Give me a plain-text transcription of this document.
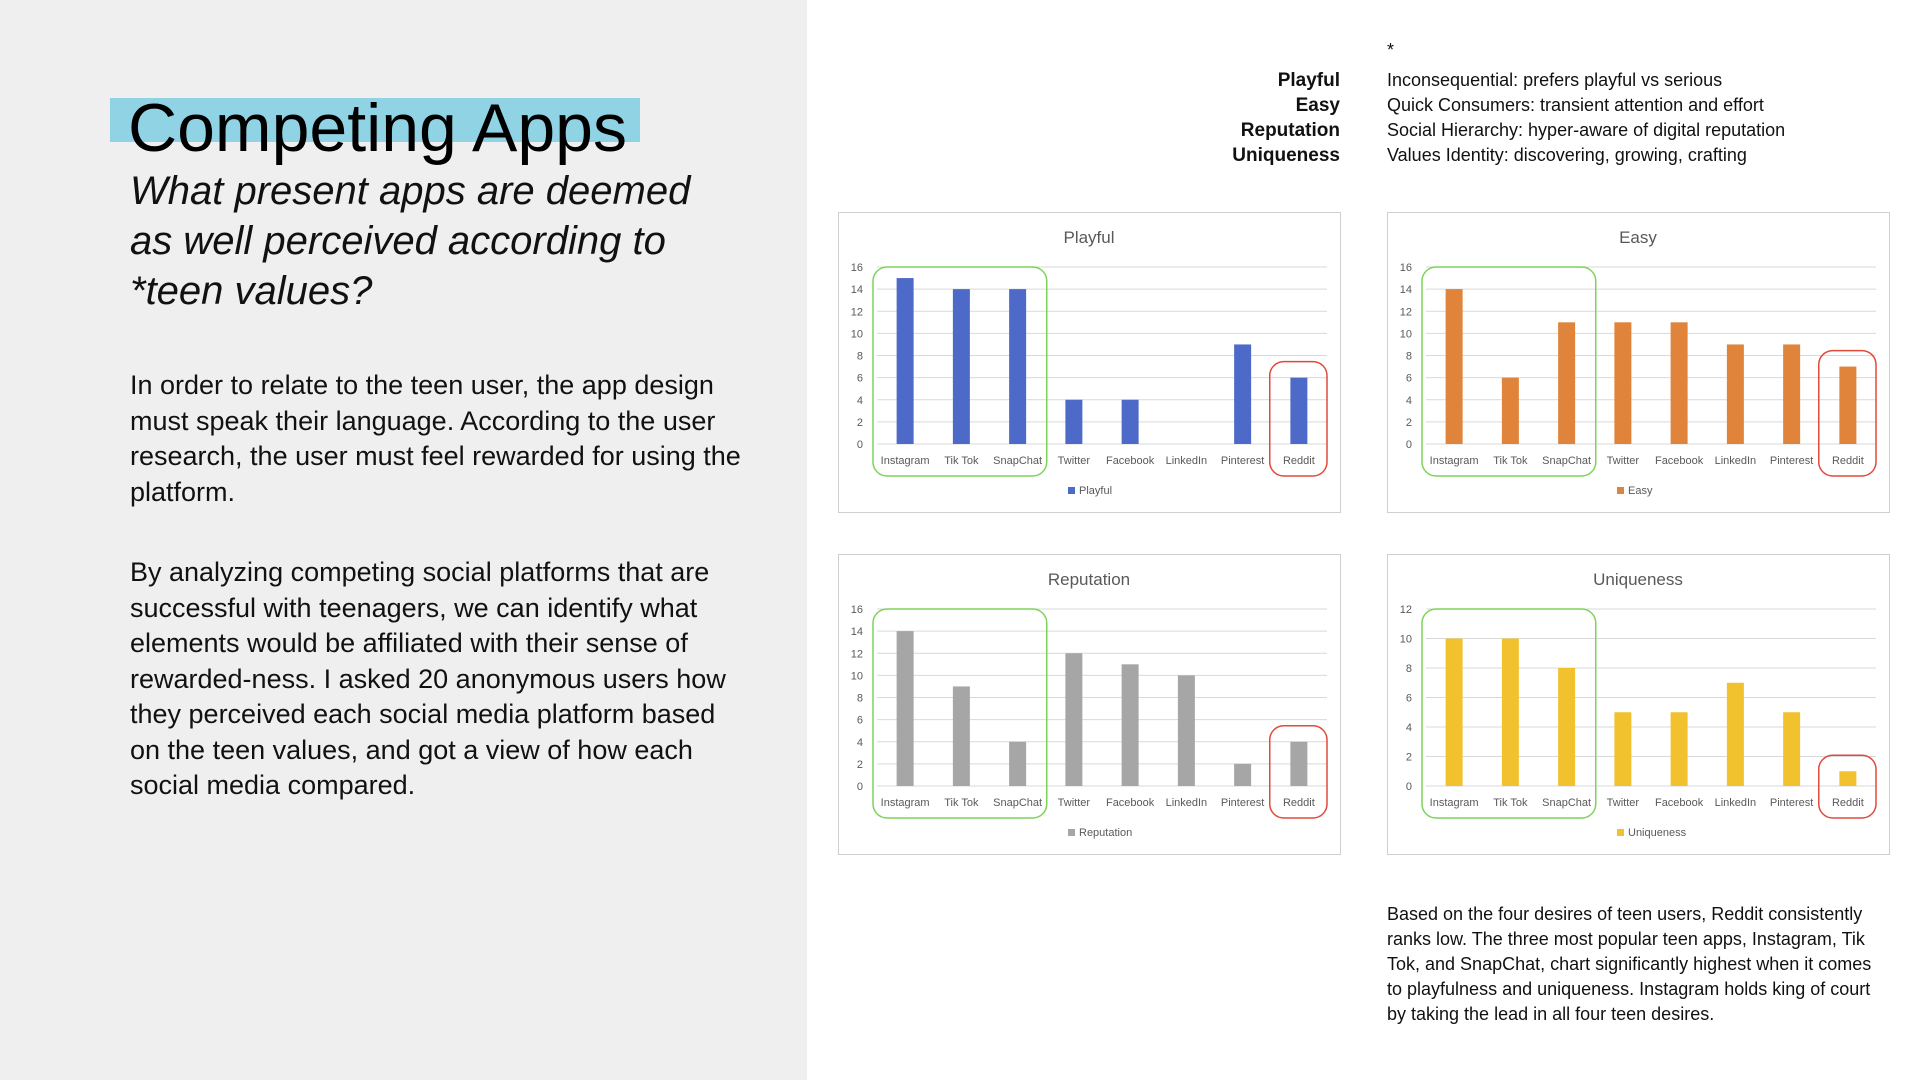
Competing Apps

What present apps are deemed as well perceived according to *teen values?

In order to relate to the teen user, the app design must speak their language. According to the user research, the user must feel rewarded for using the platform.

By analyzing competing social platforms that are successful with teenagers, we can identify what elements would be affiliated with their sense of rewarded-ness. I asked 20 anonymous users how they perceived each social media platform based on the teen values, and got a view of how each social media compared.

*
Playful
Easy
Reputation
Uniqueness
Inconsequential: prefers playful vs serious
Quick Consumers: transient attention and effort
Social Hierarchy: hyper-aware of digital reputation
Values Identity: discovering, growing, crafting
Playful
0
2
4
6
8
10
12
14
16
Instagram Tik Tok SnapChat Twitter Facebook LinkedIn Pinterest Reddit
Playful
Easy
0
2
4
6
8
10
12
14
16
Instagram Tik Tok SnapChat Twitter Facebook LinkedIn Pinterest Reddit
Easy
Reputation
0
2
4
6
8
10
12
14
16
Instagram Tik Tok SnapChat Twitter Facebook LinkedIn Pinterest Reddit
Reputation
Uniqueness
0
2
4
6
8
10
12
Instagram Tik Tok SnapChat Twitter Facebook LinkedIn Pinterest Reddit
Uniqueness

Based on the four desires of teen users, Reddit consistently ranks low. The three most popular teen apps, Instagram, Tik Tok, and SnapChat, chart significantly highest when it comes to playfulness and uniqueness. Instagram holds king of court by taking the lead in all four teen desires.
